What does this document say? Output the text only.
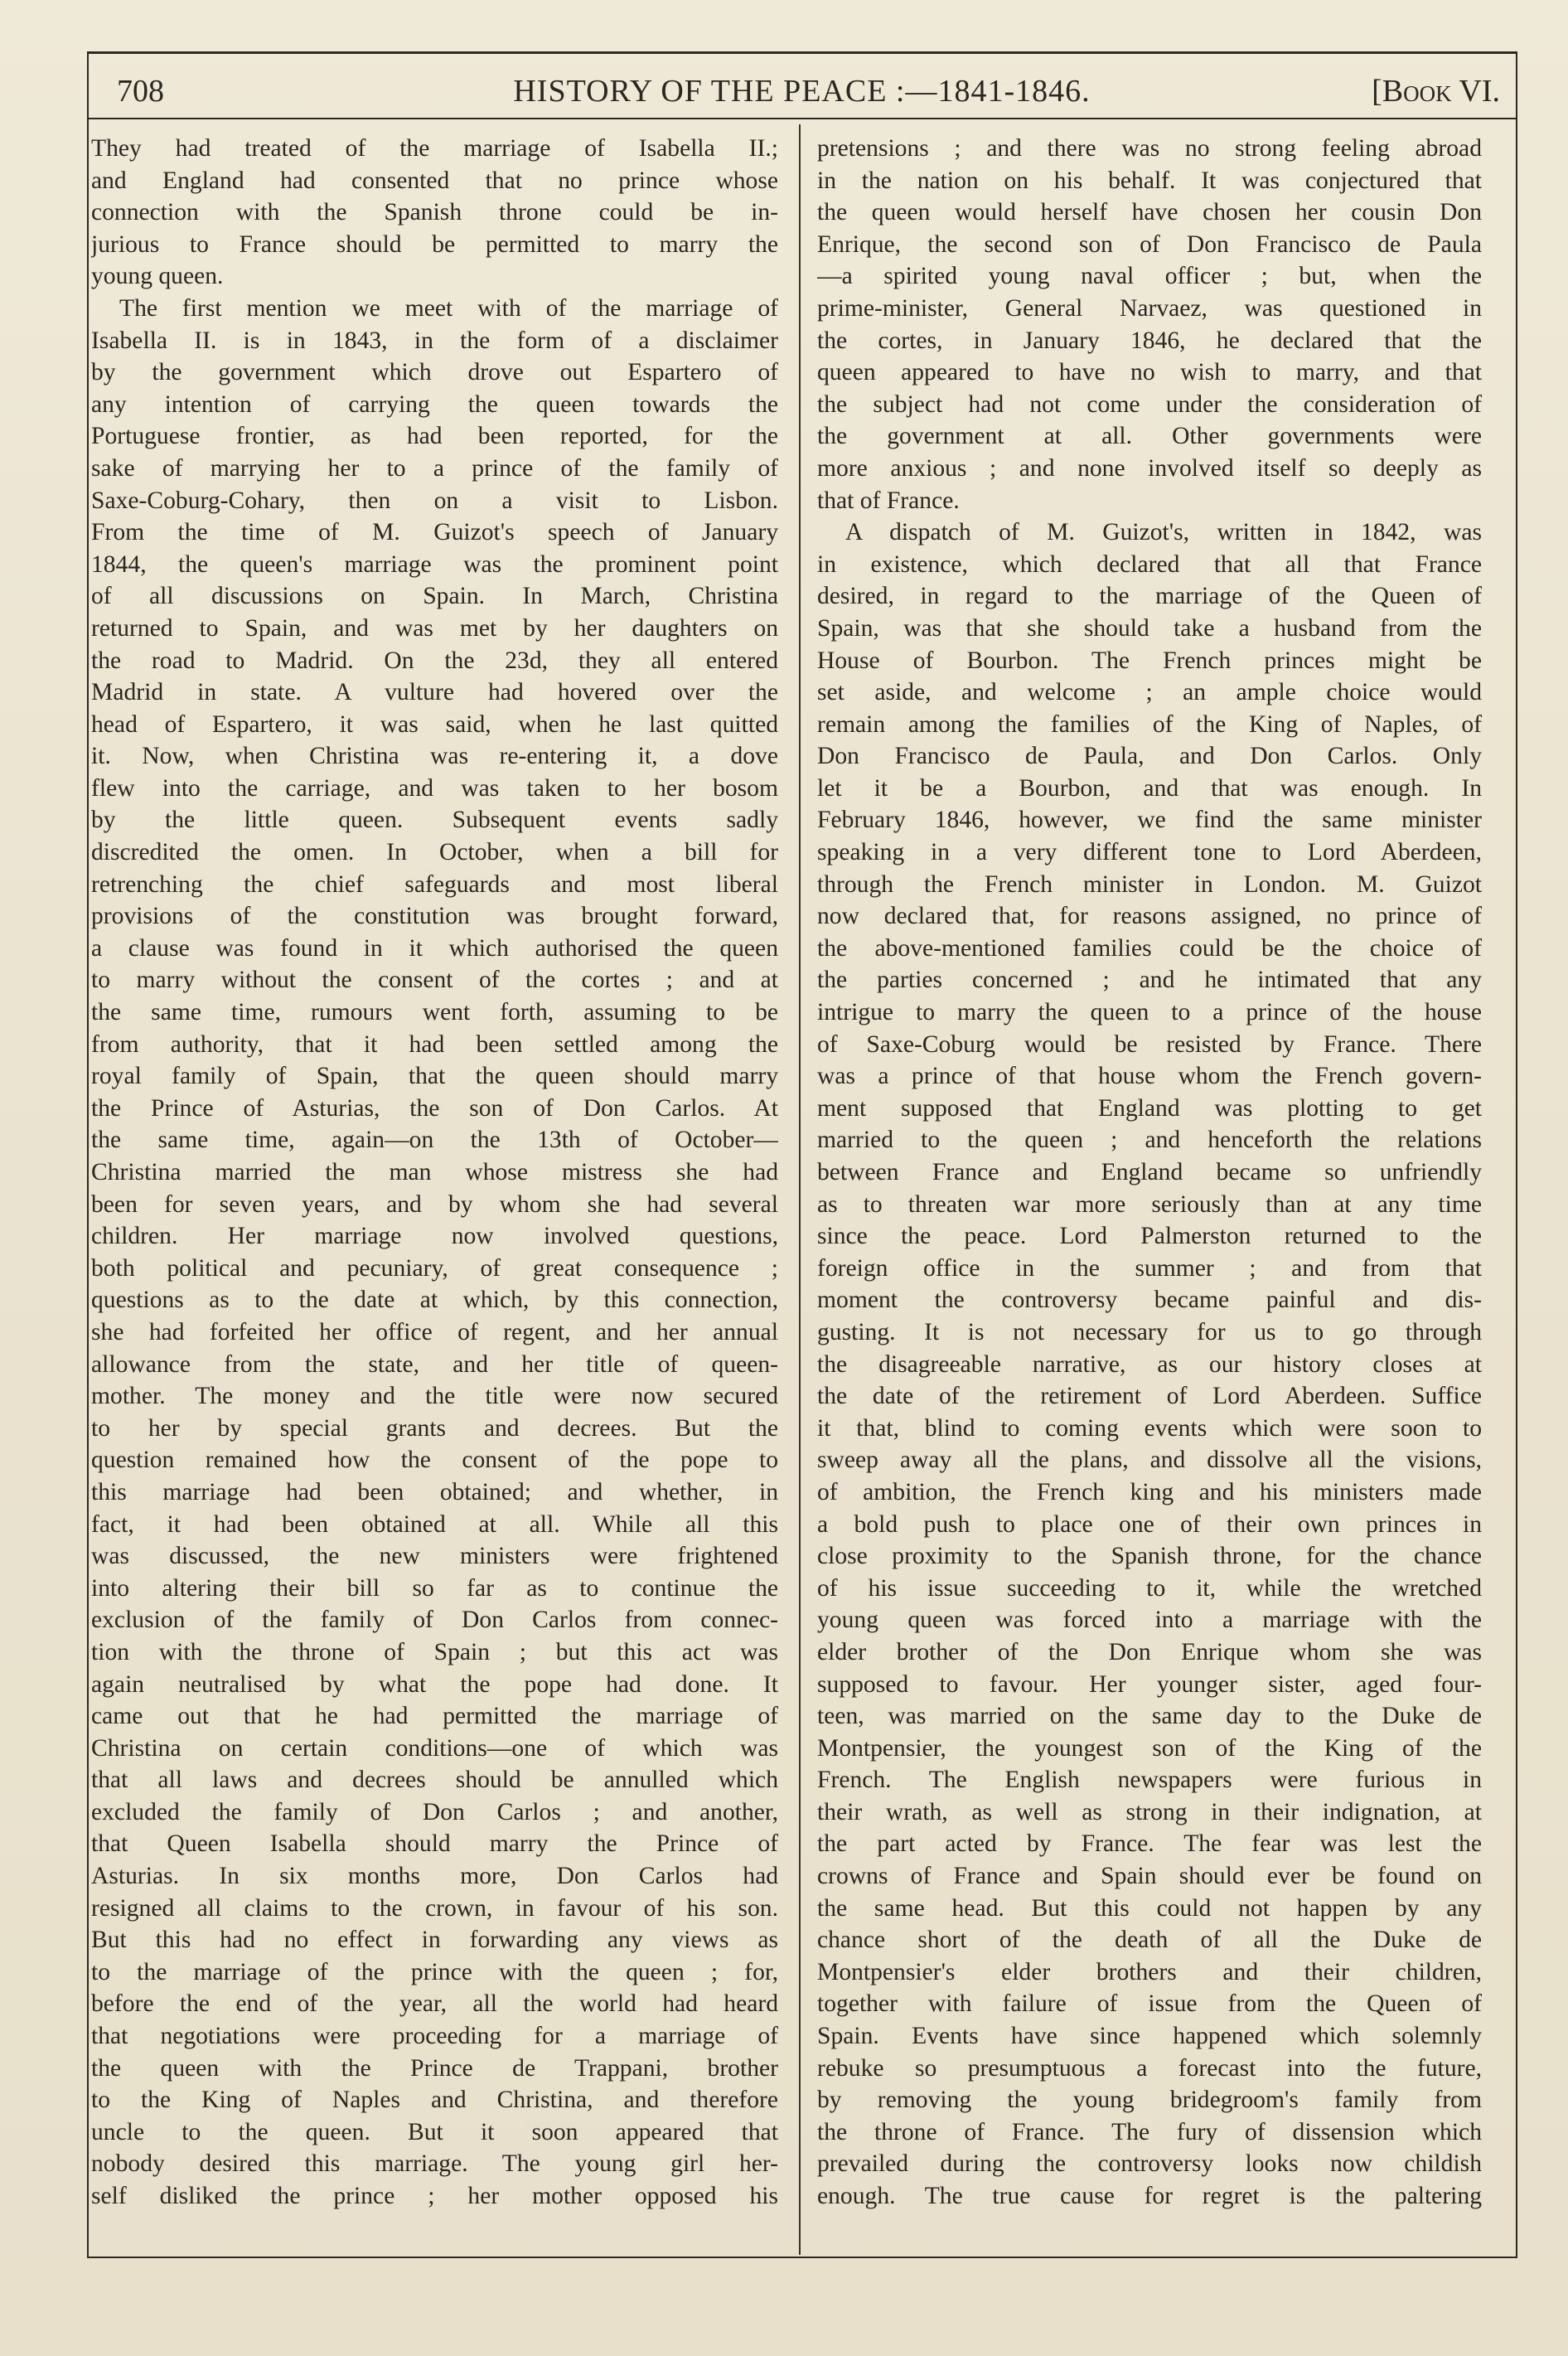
708	HISTORY OF THE PEACE :—1841-1846.	[Book VI.
They had treated of the marriage of Isabella II.;
and England had consented that no prince whose
connection with the Spanish throne could be in-
jurious to France should be permitted to marry the
young queen.
The first mention we meet with of the marriage of
Isabella II. is in 1843, in the form of a disclaimer
by the government which drove out Espartero of
any intention of carrying the queen towards the
Portuguese frontier, as had been reported, for the
sake of marrying her to a prince of the family of
Saxe-Coburg-Cohary, then on a visit to Lisbon.
From the time of M. Guizot's speech of January
1844, the queen's marriage was the prominent point
of all discussions on Spain. In March, Christina
returned to Spain, and was met by her daughters on
the road to Madrid. On the 23d, they all entered
Madrid in state. A vulture had hovered over the
head of Espartero, it was said, when he last quitted
it. Now, when Christina was re-entering it, a dove
flew into the carriage, and was taken to her bosom
by the little queen. Subsequent events sadly
discredited the omen. In October, when a bill for
retrenching the chief safeguards and most liberal
provisions of the constitution was brought forward,
a clause was found in it which authorised the queen
to marry without the consent of the cortes ; and at
the same time, rumours went forth, assuming to be
from authority, that it had been settled among the
royal family of Spain, that the queen should marry
the Prince of Asturias, the son of Don Carlos. At
the same time, again—on the 13th of October—
Christina married the man whose mistress she had
been for seven years, and by whom she had several
children. Her marriage now involved questions,
both political and pecuniary, of great consequence ;
questions as to the date at which, by this connection,
she had forfeited her office of regent, and her annual
allowance from the state, and her title of queen-
mother. The money and the title were now secured
to her by special grants and decrees. But the
question remained how the consent of the pope to
this marriage had been obtained; and whether, in
fact, it had been obtained at all. While all this
was discussed, the new ministers were frightened
into altering their bill so far as to continue the
exclusion of the family of Don Carlos from connec-
tion with the throne of Spain ; but this act was
again neutralised by what the pope had done. It
came out that he had permitted the marriage of
Christina on certain conditions—one of which was
that all laws and decrees should be annulled which
excluded the family of Don Carlos ; and another,
that Queen Isabella should marry the Prince of
Asturias. In six months more, Don Carlos had
resigned all claims to the crown, in favour of his son.
But this had no effect in forwarding any views as
to the marriage of the prince with the queen ; for,
before the end of the year, all the world had heard
that negotiations were proceeding for a marriage of
the queen with the Prince de Trappani, brother
to the King of Naples and Christina, and therefore
uncle to the queen. But it soon appeared that
nobody desired this marriage. The young girl her-
self disliked the prince ; her mother opposed his
pretensions ; and there was no strong feeling abroad
in the nation on his behalf. It was conjectured that
the queen would herself have chosen her cousin Don
Enrique, the second son of Don Francisco de Paula
—a spirited young naval officer ; but, when the
prime-minister, General Narvaez, was questioned in
the cortes, in January 1846, he declared that the
queen appeared to have no wish to marry, and that
the subject had not come under the consideration of
the government at all. Other governments were
more anxious ; and none involved itself so deeply as
that of France.
A dispatch of M. Guizot's, written in 1842, was
in existence, which declared that all that France
desired, in regard to the marriage of the Queen of
Spain, was that she should take a husband from the
House of Bourbon. The French princes might be
set aside, and welcome ; an ample choice would
remain among the families of the King of Naples, of
Don Francisco de Paula, and Don Carlos. Only
let it be a Bourbon, and that was enough. In
February 1846, however, we find the same minister
speaking in a very different tone to Lord Aberdeen,
through the French minister in London. M. Guizot
now declared that, for reasons assigned, no prince of
the above-mentioned families could be the choice of
the parties concerned ; and he intimated that any
intrigue to marry the queen to a prince of the house
of Saxe-Coburg would be resisted by France. There
was a prince of that house whom the French govern-
ment supposed that England was plotting to get
married to the queen ; and henceforth the relations
between France and England became so unfriendly
as to threaten war more seriously than at any time
since the peace. Lord Palmerston returned to the
foreign office in the summer ; and from that
moment the controversy became painful and dis-
gusting. It is not necessary for us to go through
the disagreeable narrative, as our history closes at
the date of the retirement of Lord Aberdeen. Suffice
it that, blind to coming events which were soon to
sweep away all the plans, and dissolve all the visions,
of ambition, the French king and his ministers made
a bold push to place one of their own princes in
close proximity to the Spanish throne, for the chance
of his issue succeeding to it, while the wretched
young queen was forced into a marriage with the
elder brother of the Don Enrique whom she was
supposed to favour. Her younger sister, aged four-
teen, was married on the same day to the Duke de
Montpensier, the youngest son of the King of the
French. The English newspapers were furious in
their wrath, as well as strong in their indignation, at
the part acted by France. The fear was lest the
crowns of France and Spain should ever be found on
the same head. But this could not happen by any
chance short of the death of all the Duke de
Montpensier's elder brothers and their children,
together with failure of issue from the Queen of
Spain. Events have since happened which solemnly
rebuke so presumptuous a forecast into the future,
by removing the young bridegroom's family from
the throne of France. The fury of dissension which
prevailed during the controversy looks now childish
enough. The true cause for regret is the paltering
